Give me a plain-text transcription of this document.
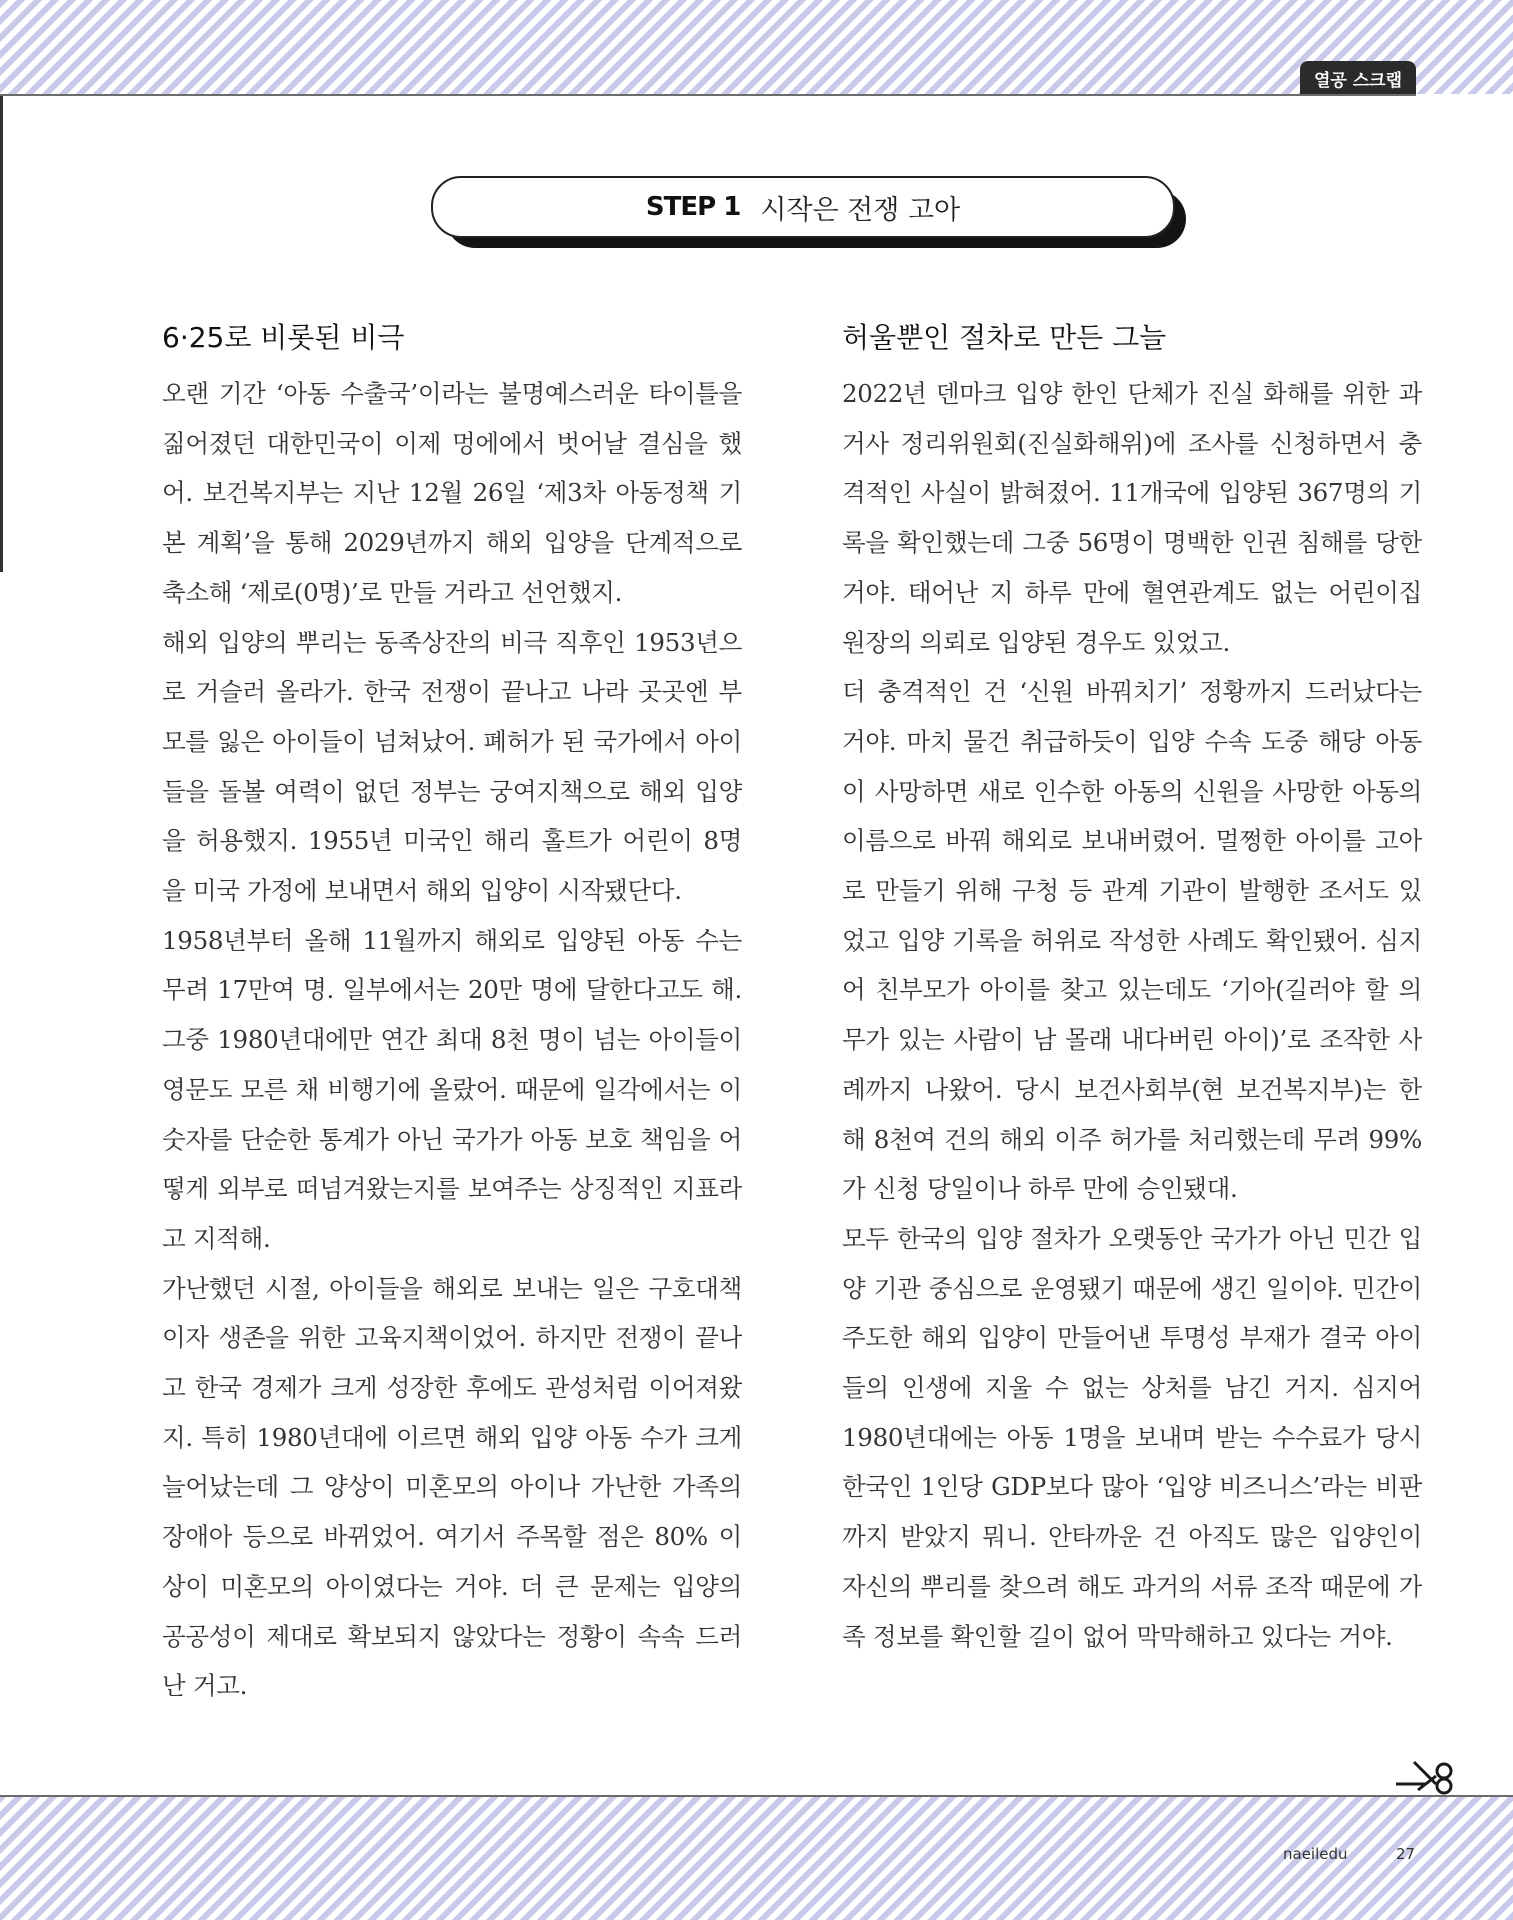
열공 스크랩
STEP 1 시작은 전쟁 고아
6·25로 비롯된 비극

오랜 기간 ‘아동 수출국’이라는 불명예스러운 타이틀을 짊어졌던 대한민국이 이제 멍에에서 벗어날 결심을 했어. 보건복지부는 지난 12월 26일 ‘제3차 아동정책 기본 계획’을 통해 2029년까지 해외 입양을 단계적으로 축소해 ‘제로(0명)’로 만들 거라고 선언했지.

해외 입양의 뿌리는 동족상잔의 비극 직후인 1953년으로 거슬러 올라가. 한국 전쟁이 끝나고 나라 곳곳엔 부모를 잃은 아이들이 넘쳐났어. 폐허가 된 국가에서 아이들을 돌볼 여력이 없던 정부는 궁여지책으로 해외 입양을 허용했지. 1955년 미국인 해리 홀트가 어린이 8명을 미국 가정에 보내면서 해외 입양이 시작됐단다.

1958년부터 올해 11월까지 해외로 입양된 아동 수는 무려 17만여 명. 일부에서는 20만 명에 달한다고도 해. 그중 1980년대에만 연간 최대 8천 명이 넘는 아이들이 영문도 모른 채 비행기에 올랐어. 때문에 일각에서는 이 숫자를 단순한 통계가 아닌 국가가 아동 보호 책임을 어떻게 외부로 떠넘겨왔는지를 보여주는 상징적인 지표라고 지적해.

가난했던 시절, 아이들을 해외로 보내는 일은 구호대책이자 생존을 위한 고육지책이었어. 하지만 전쟁이 끝나고 한국 경제가 크게 성장한 후에도 관성처럼 이어져왔지. 특히 1980년대에 이르면 해외 입양 아동 수가 크게 늘어났는데 그 양상이 미혼모의 아이나 가난한 가족의 장애아 등으로 바뀌었어. 여기서 주목할 점은 80% 이상이 미혼모의 아이였다는 거야. 더 큰 문제는 입양의 공공성이 제대로 확보되지 않았다는 정황이 속속 드러난 거고.

허울뿐인 절차로 만든 그늘

2022년 덴마크 입양 한인 단체가 진실 화해를 위한 과거사 정리위원회(진실화해위)에 조사를 신청하면서 충격적인 사실이 밝혀졌어. 11개국에 입양된 367명의 기록을 확인했는데 그중 56명이 명백한 인권 침해를 당한 거야. 태어난 지 하루 만에 혈연관계도 없는 어린이집 원장의 의뢰로 입양된 경우도 있었고.

더 충격적인 건 ‘신원 바꿔치기’ 정황까지 드러났다는 거야. 마치 물건 취급하듯이 입양 수속 도중 해당 아동이 사망하면 새로 인수한 아동의 신원을 사망한 아동의 이름으로 바꿔 해외로 보내버렸어. 멀쩡한 아이를 고아로 만들기 위해 구청 등 관계 기관이 발행한 조서도 있었고 입양 기록을 허위로 작성한 사례도 확인됐어. 심지어 친부모가 아이를 찾고 있는데도 ‘기아(길러야 할 의무가 있는 사람이 남 몰래 내다버린 아이)’로 조작한 사례까지 나왔어. 당시 보건사회부(현 보건복지부)는 한 해 8천여 건의 해외 이주 허가를 처리했는데 무려 99%가 신청 당일이나 하루 만에 승인됐대.

모두 한국의 입양 절차가 오랫동안 국가가 아닌 민간 입양 기관 중심으로 운영됐기 때문에 생긴 일이야. 민간이 주도한 해외 입양이 만들어낸 투명성 부재가 결국 아이들의 인생에 지울 수 없는 상처를 남긴 거지. 심지어 1980년대에는 아동 1명을 보내며 받는 수수료가 당시 한국인 1인당 GDP보다 많아 ‘입양 비즈니스’라는 비판까지 받았지 뭐니. 안타까운 건 아직도 많은 입양인이 자신의 뿌리를 찾으려 해도 과거의 서류 조작 때문에 가족 정보를 확인할 길이 없어 막막해하고 있다는 거야.

naeiledu	27
